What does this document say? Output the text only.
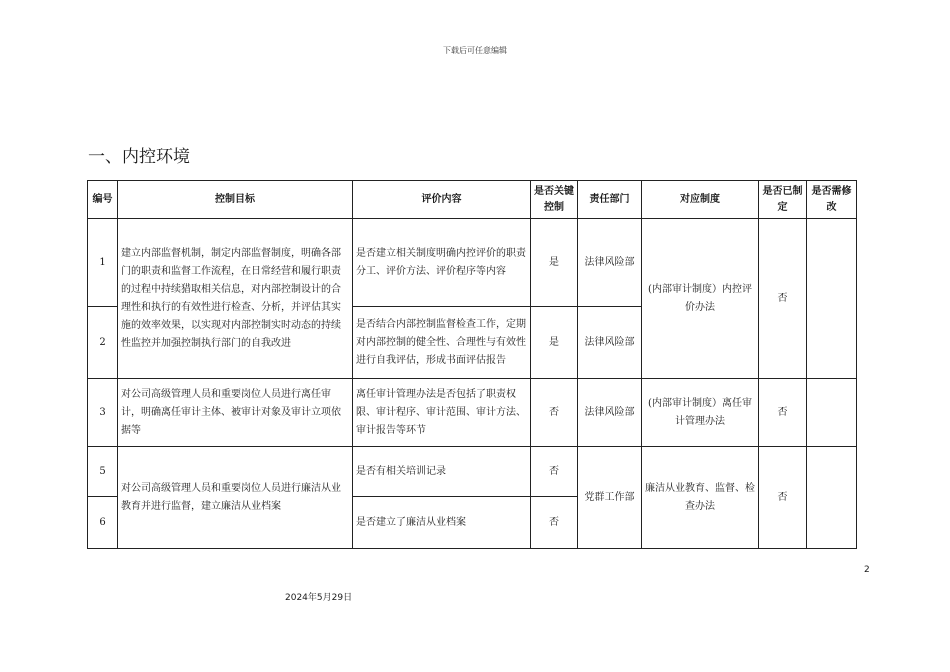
下载后可任意编辑
一、内控环境
编号	控制目标	评价内容	是否关键控制	责任部门	对应制度	是否已制定	是否需修改
1	建立内部监督机制，制定内部监督制度，明确各部门的职责和监督工作流程，在日常经营和履行职责的过程中持续猎取相关信息，对内部控制设计的合理性和执行的有效性进行检查、分析，并评估其实施的效率效果，以实现对内部控制实时动态的持续性监控并加强控制执行部门的自我改进	是否建立相关制度明确内控评价的职责分工、评价方法、评价程序等内容	是	法律风险部	(内部审计制度）内控评价办法	否	
2		是否结合内部控制监督检查工作，定期对内部控制的健全性、合理性与有效性进行自我评估，形成书面评估报告	是	法律风险部			
3	对公司高级管理人员和重要岗位人员进行离任审计，明确离任审计主体、被审计对象及审计立项依据等	离任审计管理办法是否包括了职责权限、审计程序、审计范围、审计方法、审计报告等环节	否	法律风险部	(内部审计制度）离任审计管理办法	否	
5	对公司高级管理人员和重要岗位人员进行廉洁从业教育并进行监督，建立廉洁从业档案	是否有相关培训记录	否	党群工作部	廉洁从业教育、监督、检查办法	否	
6		是否建立了廉洁从业档案	否				
2
2024年5月29日
